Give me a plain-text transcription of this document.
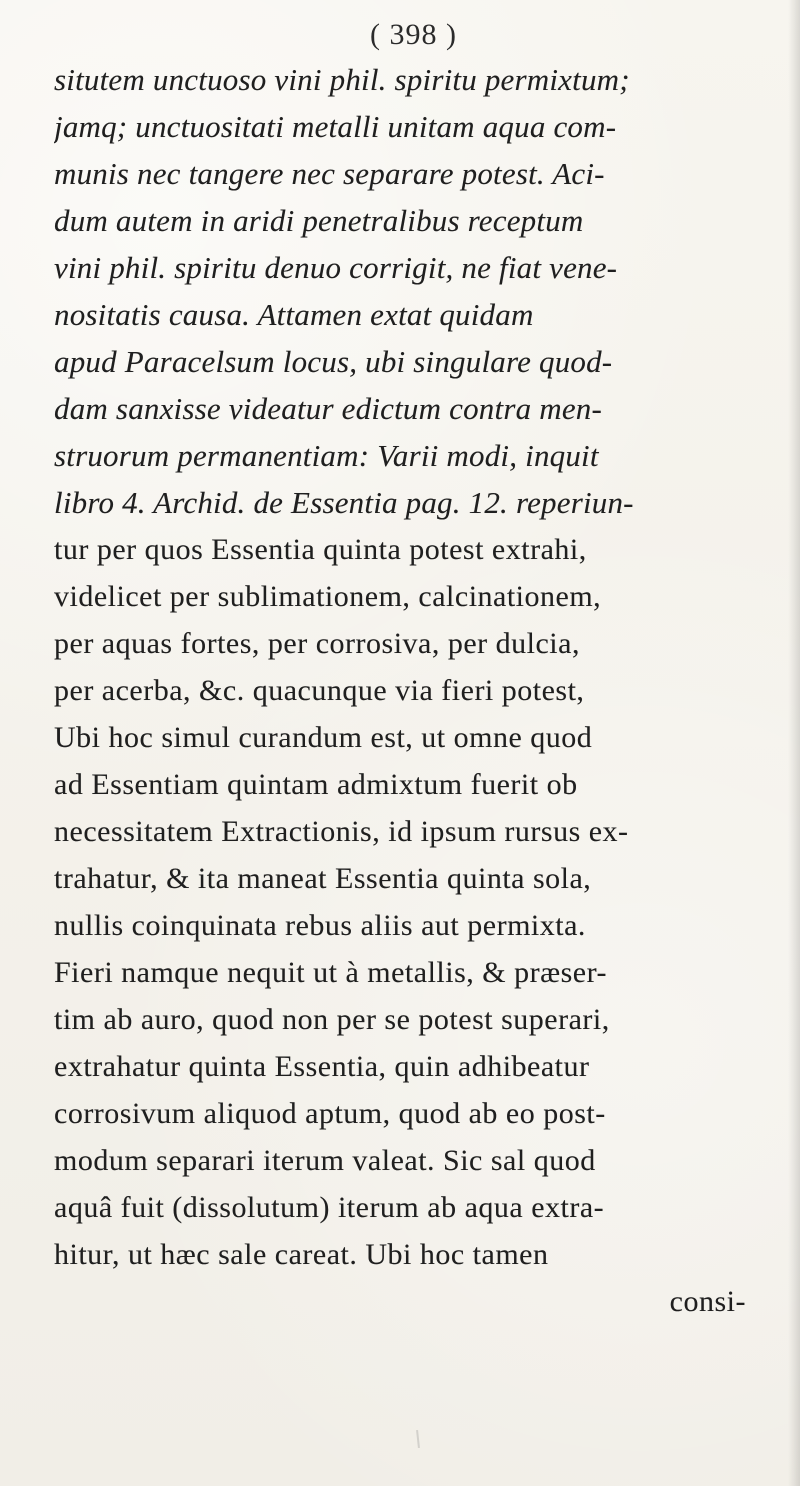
( 398 )
situtem unctuoso vini phil. spiritu permixtum;
jamq; unctuositati metalli unitam aqua com-
munis nec tangere nec separare potest. Aci-
dum autem in aridi penetralibus receptum
vini phil. spiritu denuo corrigit, ne fiat vene-
nositatis causa. Attamen extat quidam
apud Paracelsum locus, ubi singulare quod-
dam sanxisse videatur edictum contra men-
struorum permanentiam: Varii modi, inquit
libro 4. Archid. de Essentia pag. 12. reperiun-
tur per quos Essentia quinta potest extrahi,
videlicet per sublimationem, calcinationem,
per aquas fortes, per corrosiva, per dulcia,
per acerba, &c. quacunque via fieri potest,
Ubi hoc simul curandum est, ut omne quod
ad Essentiam quintam admixtum fuerit ob
necessitatem Extractionis, id ipsum rursus ex-
trahatur, & ita maneat Essentia quinta sola,
nullis coinquinata rebus aliis aut permixta.
Fieri namque nequit ut à metallis, & præser-
tim ab auro, quod non per se potest superari,
extrahatur quinta Essentia, quin adhibeatur
corrosivum aliquod aptum, quod ab eo post-
modum separari iterum valeat. Sic sal quod
aquâ fuit (dissolutum) iterum ab aqua extra-
hitur, ut hæc sale careat. Ubi hoc tamen
consi-
